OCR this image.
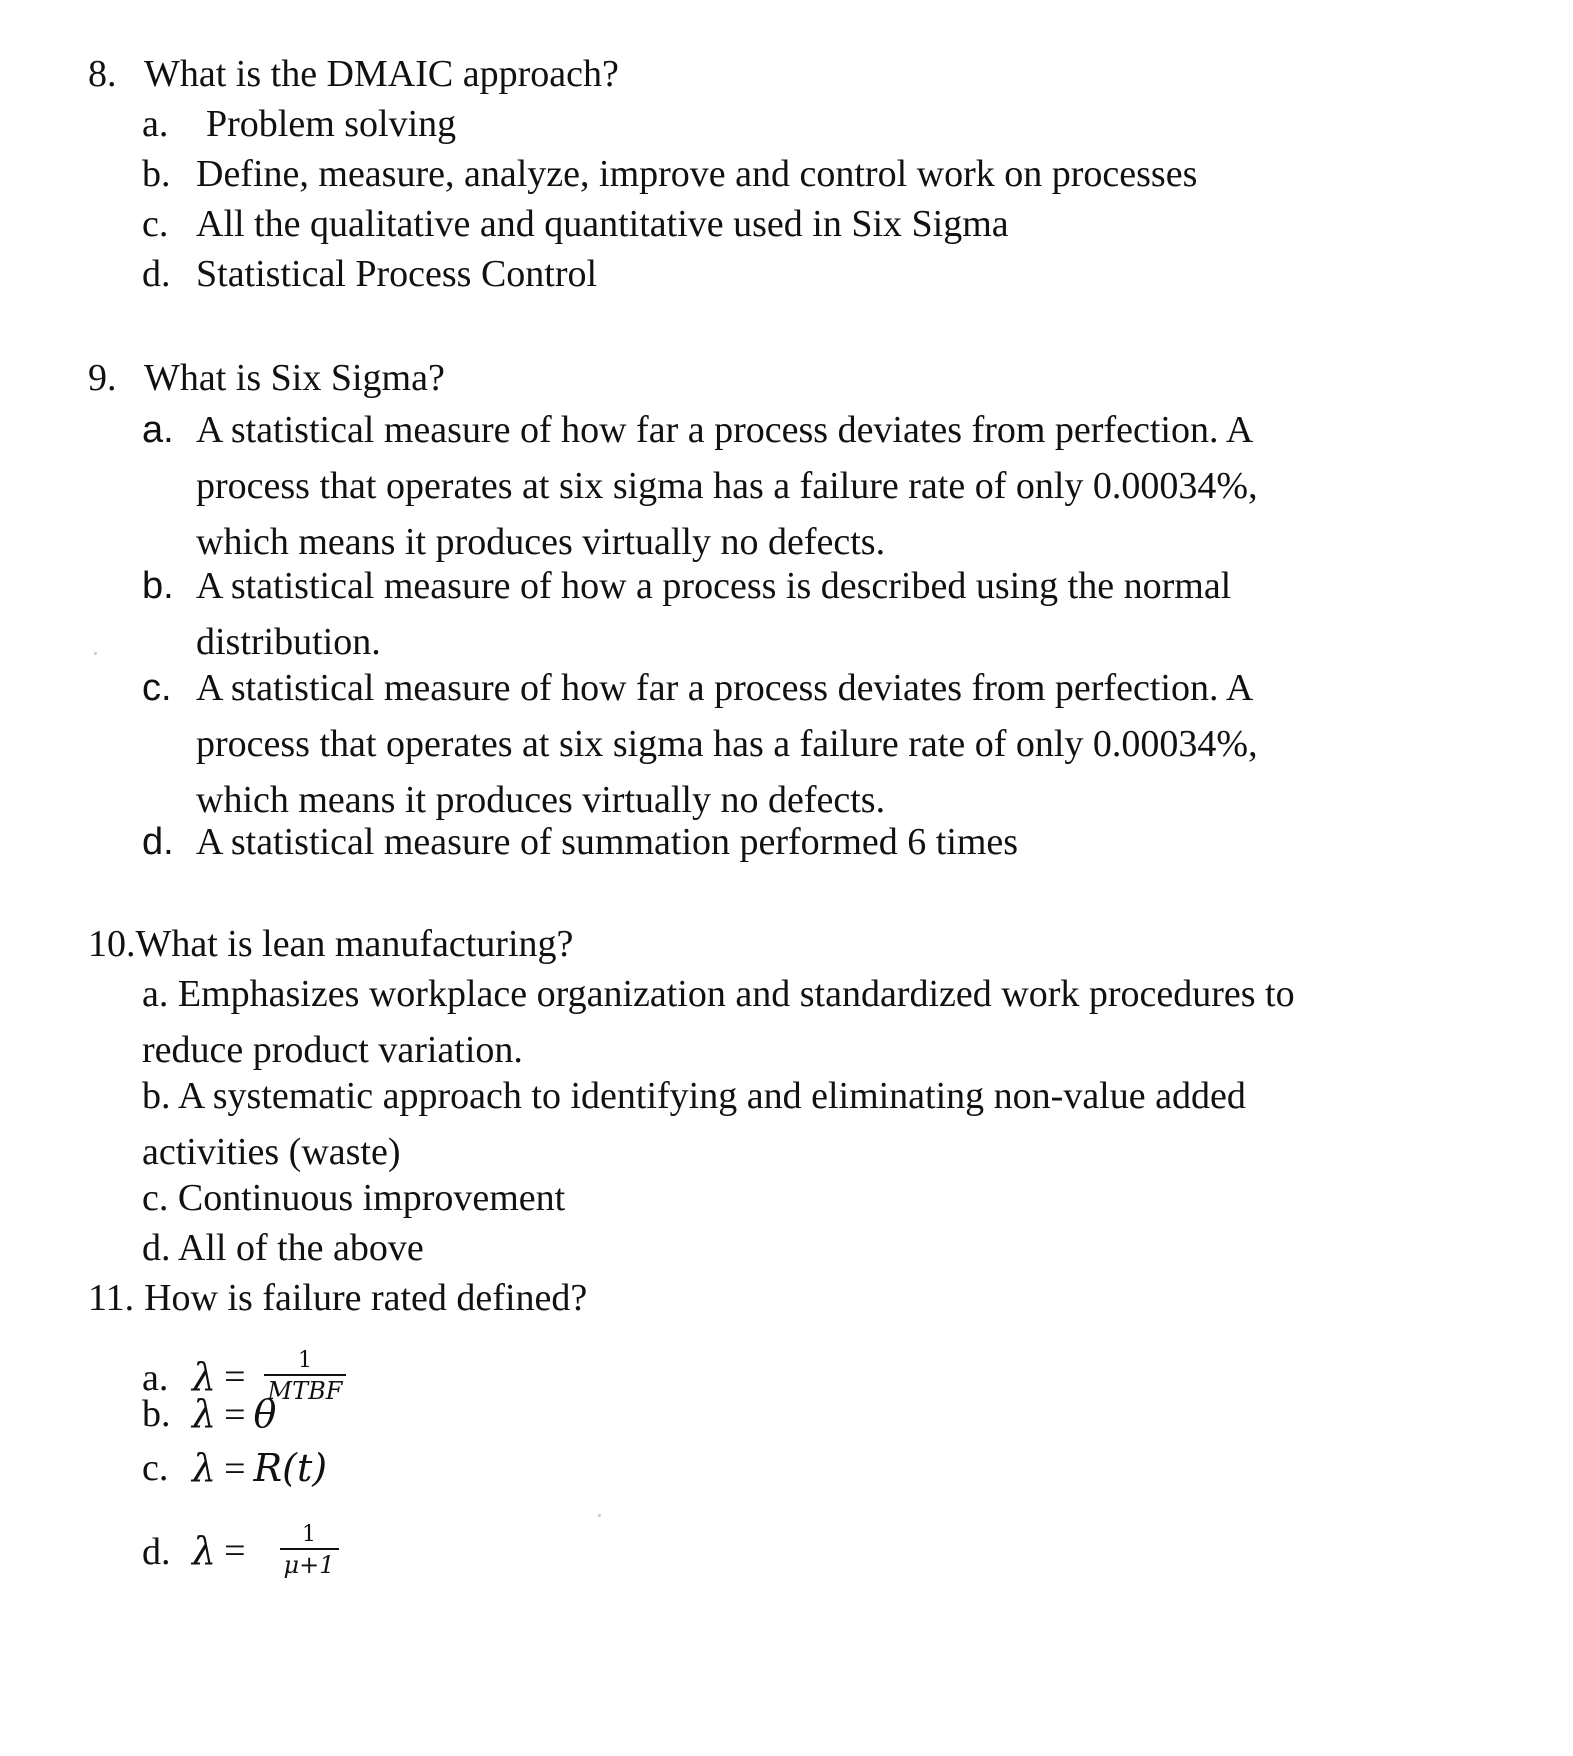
8. What is the DMAIC approach?
a. Problem solving
b. Define, measure, analyze, improve and control work on processes
c. All the qualitative and quantitative used in Six Sigma
d. Statistical Process Control
9. What is Six Sigma?
a. A statistical measure of how far a process deviates from perfection. A
process that operates at six sigma has a failure rate of only 0.00034%,
which means it produces virtually no defects.
b. A statistical measure of how a process is described using the normal
distribution.
c. A statistical measure of how far a process deviates from perfection. A
process that operates at six sigma has a failure rate of only 0.00034%,
which means it produces virtually no defects.
d. A statistical measure of summation performed 6 times
10.What is lean manufacturing?
a. Emphasizes workplace organization and standardized work procedures to
reduce product variation.
b. A systematic approach to identifying and eliminating non-value added
activities (waste)
c. Continuous improvement
d. All of the above
11. How is failure rated defined?
a. $\lambda = \frac{1}{\text{MTBF}}$
b. λ = θ
c. λ = R(t)
d. $\lambda = \frac{1}{\mu+1}$
